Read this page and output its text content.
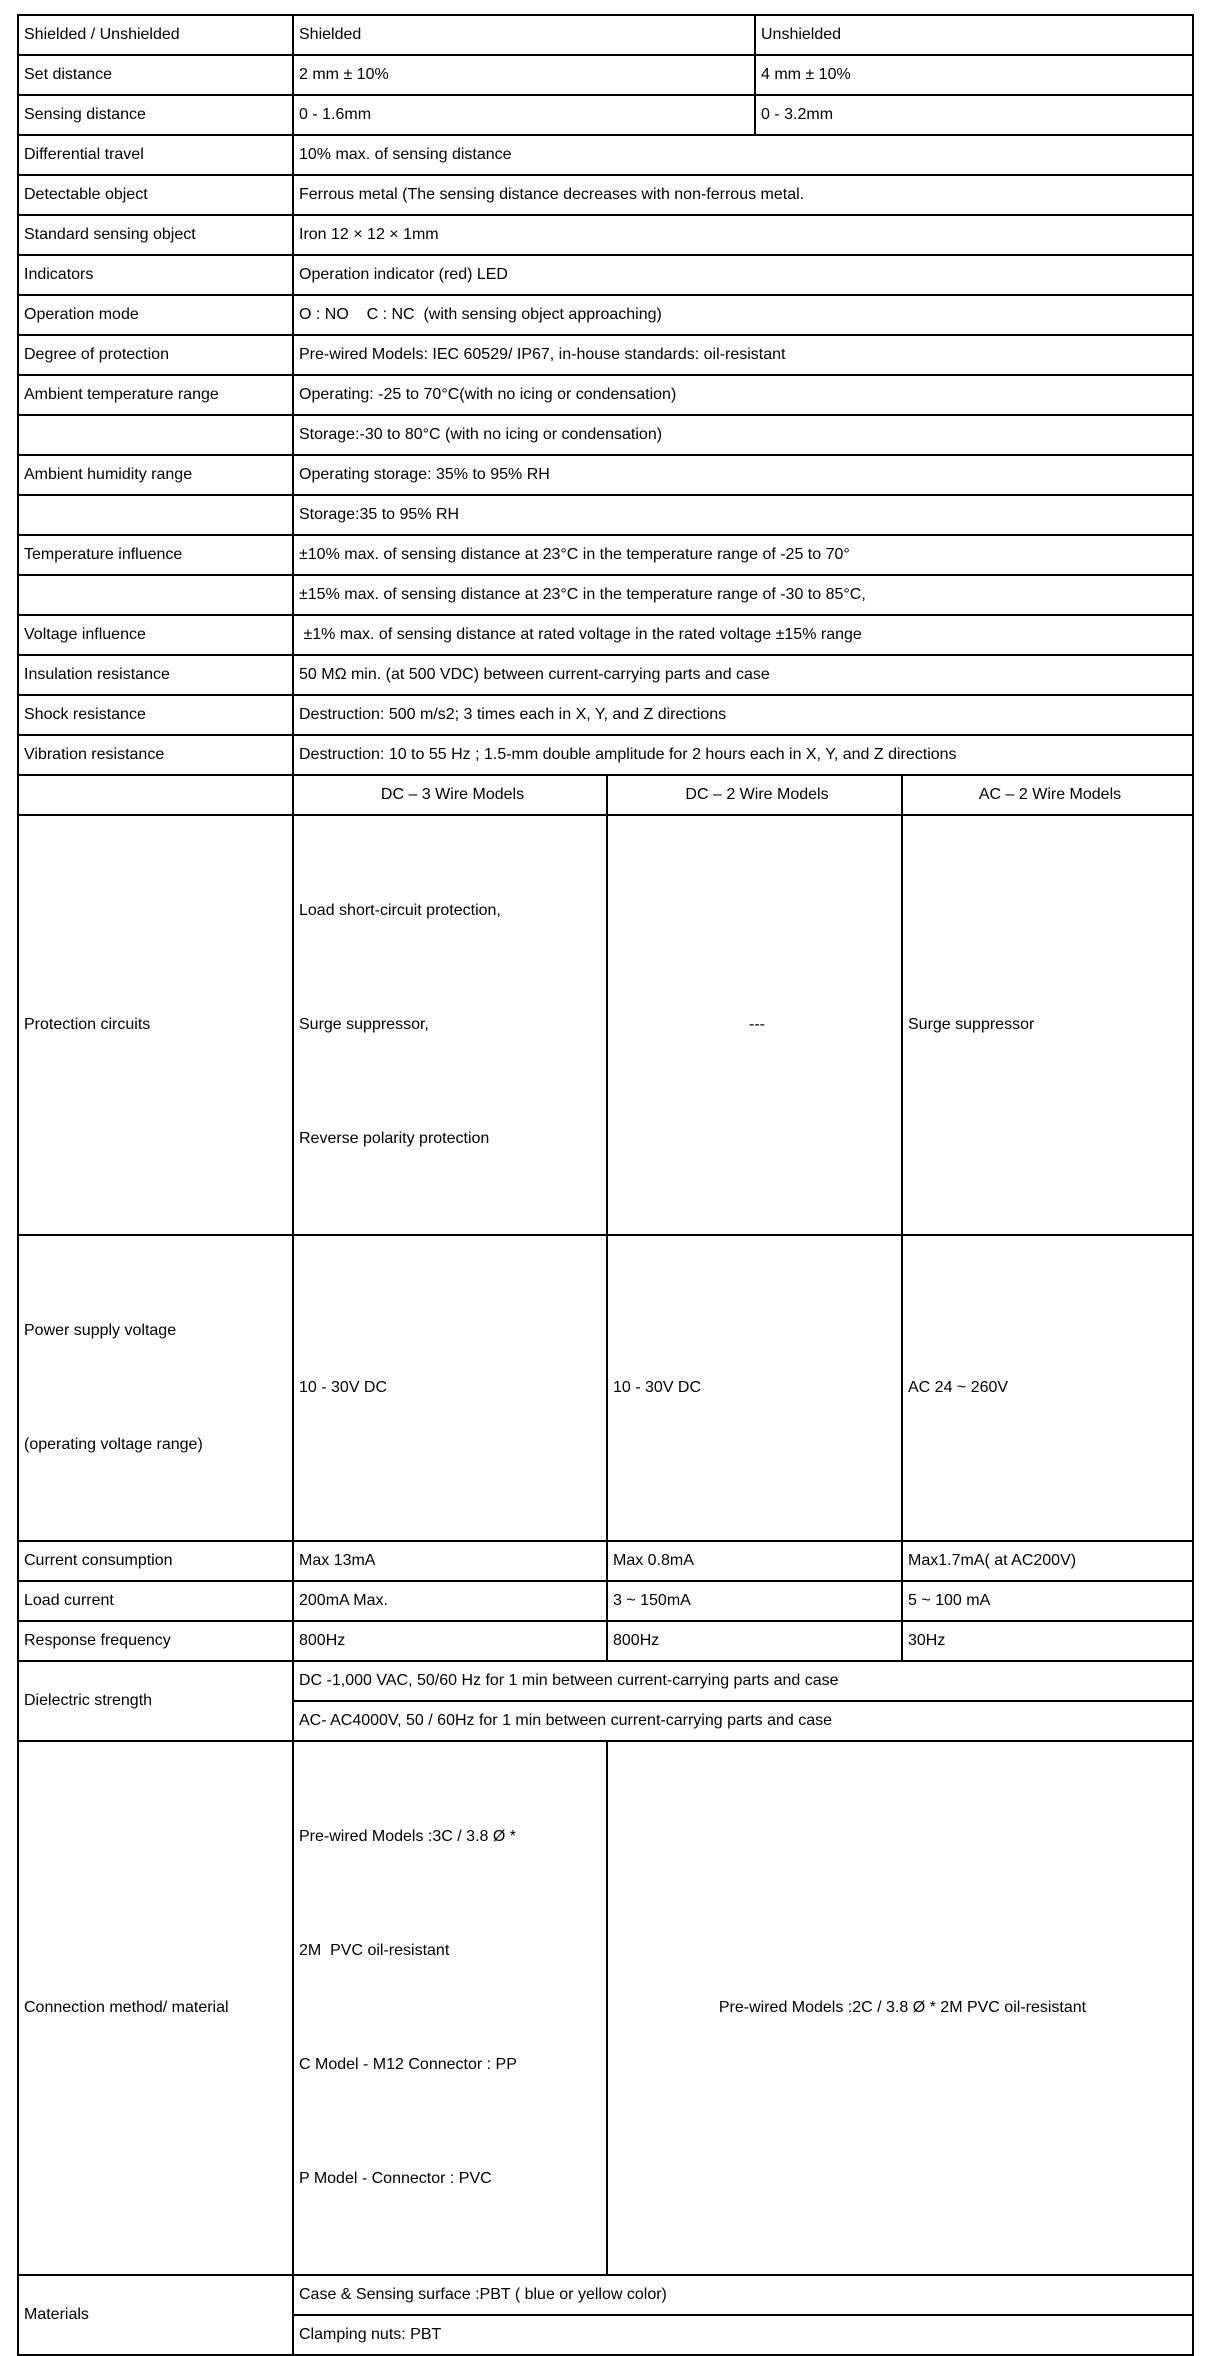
Shielded / Unshielded	Shielded		Unshielded	
Set distance	2 mm ± 10%		4 mm ± 10%	
Sensing distance	0 - 1.6mm		0 - 3.2mm	
Differential travel	10% max. of sensing distance			
Detectable object	Ferrous metal (The sensing distance decreases with non-ferrous metal.			
Standard sensing object	Iron 12 × 12 × 1mm			
Indicators	Operation indicator (red) LED			
Operation mode	O : NO    C : NC  (with sensing object approaching)			
Degree of protection	Pre-wired Models: IEC 60529/ IP67, in-house standards: oil-resistant			
Ambient temperature range	Operating: -25 to 70°C(with no icing or condensation)			
	Storage:-30 to 80°C (with no icing or condensation)			
Ambient humidity range	Operating storage: 35% to 95% RH			
	Storage:35 to 95% RH			
Temperature influence	±10% max. of sensing distance at 23°C in the temperature range of -25 to 70°			
	±15% max. of sensing distance at 23°C in the temperature range of -30 to 85°C,			
Voltage influence	±1% max. of sensing distance at rated voltage in the rated voltage ±15% range			
Insulation resistance	50 MΩ min. (at 500 VDC) between current-carrying parts and case			
Shock resistance	Destruction: 500 m/s2; 3 times each in X, Y, and Z directions			
Vibration resistance	Destruction: 10 to 55 Hz ; 1.5-mm double amplitude for 2 hours each in X, Y, and Z directions			
	DC – 3 Wire Models	DC – 2 Wire Models		AC – 2 Wire Models
Protection circuits	Load short-circuit protection,

Surge suppressor,

Reverse polarity protection	---		Surge suppressor

Power supply voltage

(operating voltage range)	10 - 30V DC	10 - 30V DC		AC 24 ~ 260V
Current consumption	Max 13mA	Max 0.8mA		Max1.7mA( at AC200V)
Load current	200mA Max.	3 ~ 150mA		5 ~ 100 mA
Response frequency	800Hz	800Hz		30Hz
Dielectric strength	DC -1,000 VAC, 50/60 Hz for 1 min between current-carrying parts and case			
	AC- AC4000V, 50 / 60Hz for 1 min between current-carrying parts and case			
Connection method/ material	Pre-wired Models :3C / 3.8 Ø *

2M  PVC oil-resistant

C Model - M12 Connector : PP

P Model - Connector : PVC	Pre-wired Models :2C / 3.8 Ø * 2M PVC oil-resistant		
Materials	Case & Sensing surface :PBT ( blue or yellow color)			
	Clamping nuts: PBT			
